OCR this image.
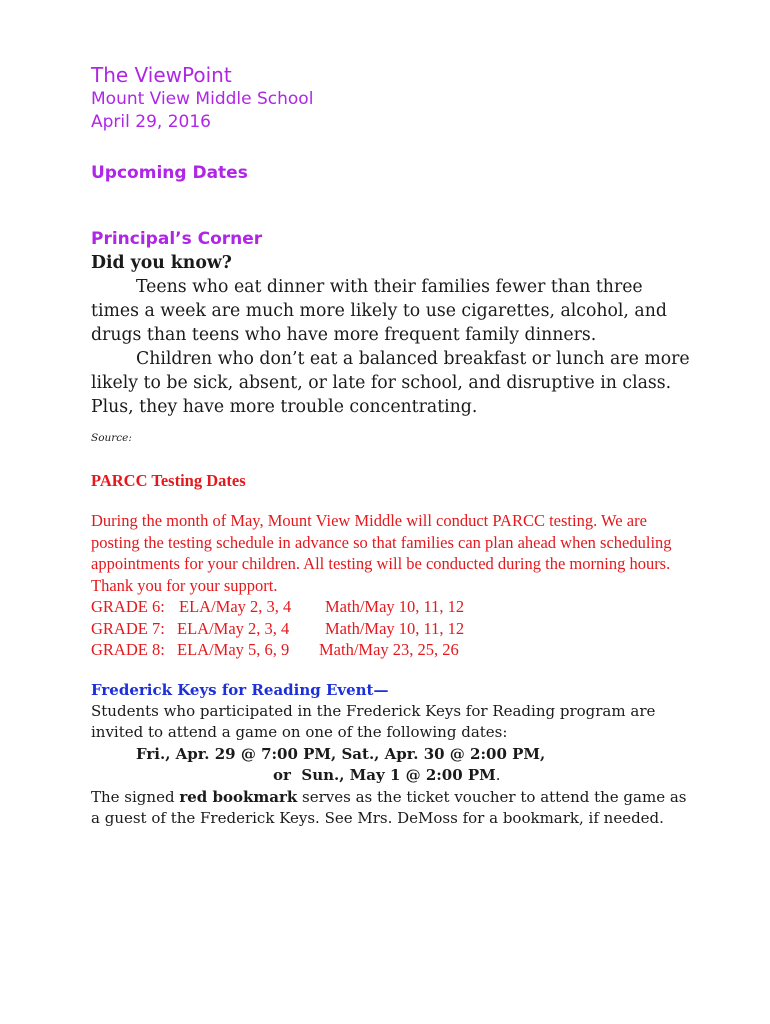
The ViewPoint

Mount View Middle School

April 29, 2016

Upcoming Dates
Principal’s Corner

Did you know?

Teens who eat dinner with their families fewer than three times a week are much more likely to use cigarettes, alcohol, and drugs than teens who have more frequent family dinners.

Children who don’t eat a balanced breakfast or lunch are more likely to be sick, absent, or late for school, and disruptive in class. Plus, they have more trouble concentrating.

Source:

PARCC Testing Dates

During the month of May, Mount View Middle will conduct PARCC testing. We are posting the testing schedule in advance so that families can plan ahead when scheduling appointments for your children. All testing will be conducted during the morning hours. Thank you for your support.

GRADE 6: ELA/May 2, 3, 4 Math/May 10, 11, 12

GRADE 7: ELA/May 2, 3, 4 Math/May 10, 11, 12

GRADE 8: ELA/May 5, 6, 9 Math/May 23, 25, 26

Frederick Keys for Reading Event—

Students who participated in the Frederick Keys for Reading program are invited to attend a game on one of the following dates:

Fri., Apr. 29 @ 7:00 PM, Sat., Apr. 30 @ 2:00 PM,

or Sun., May 1 @ 2:00 PM.

The signed red bookmark serves as the ticket voucher to attend the game as a guest of the Frederick Keys. See Mrs. DeMoss for a bookmark, if needed.
